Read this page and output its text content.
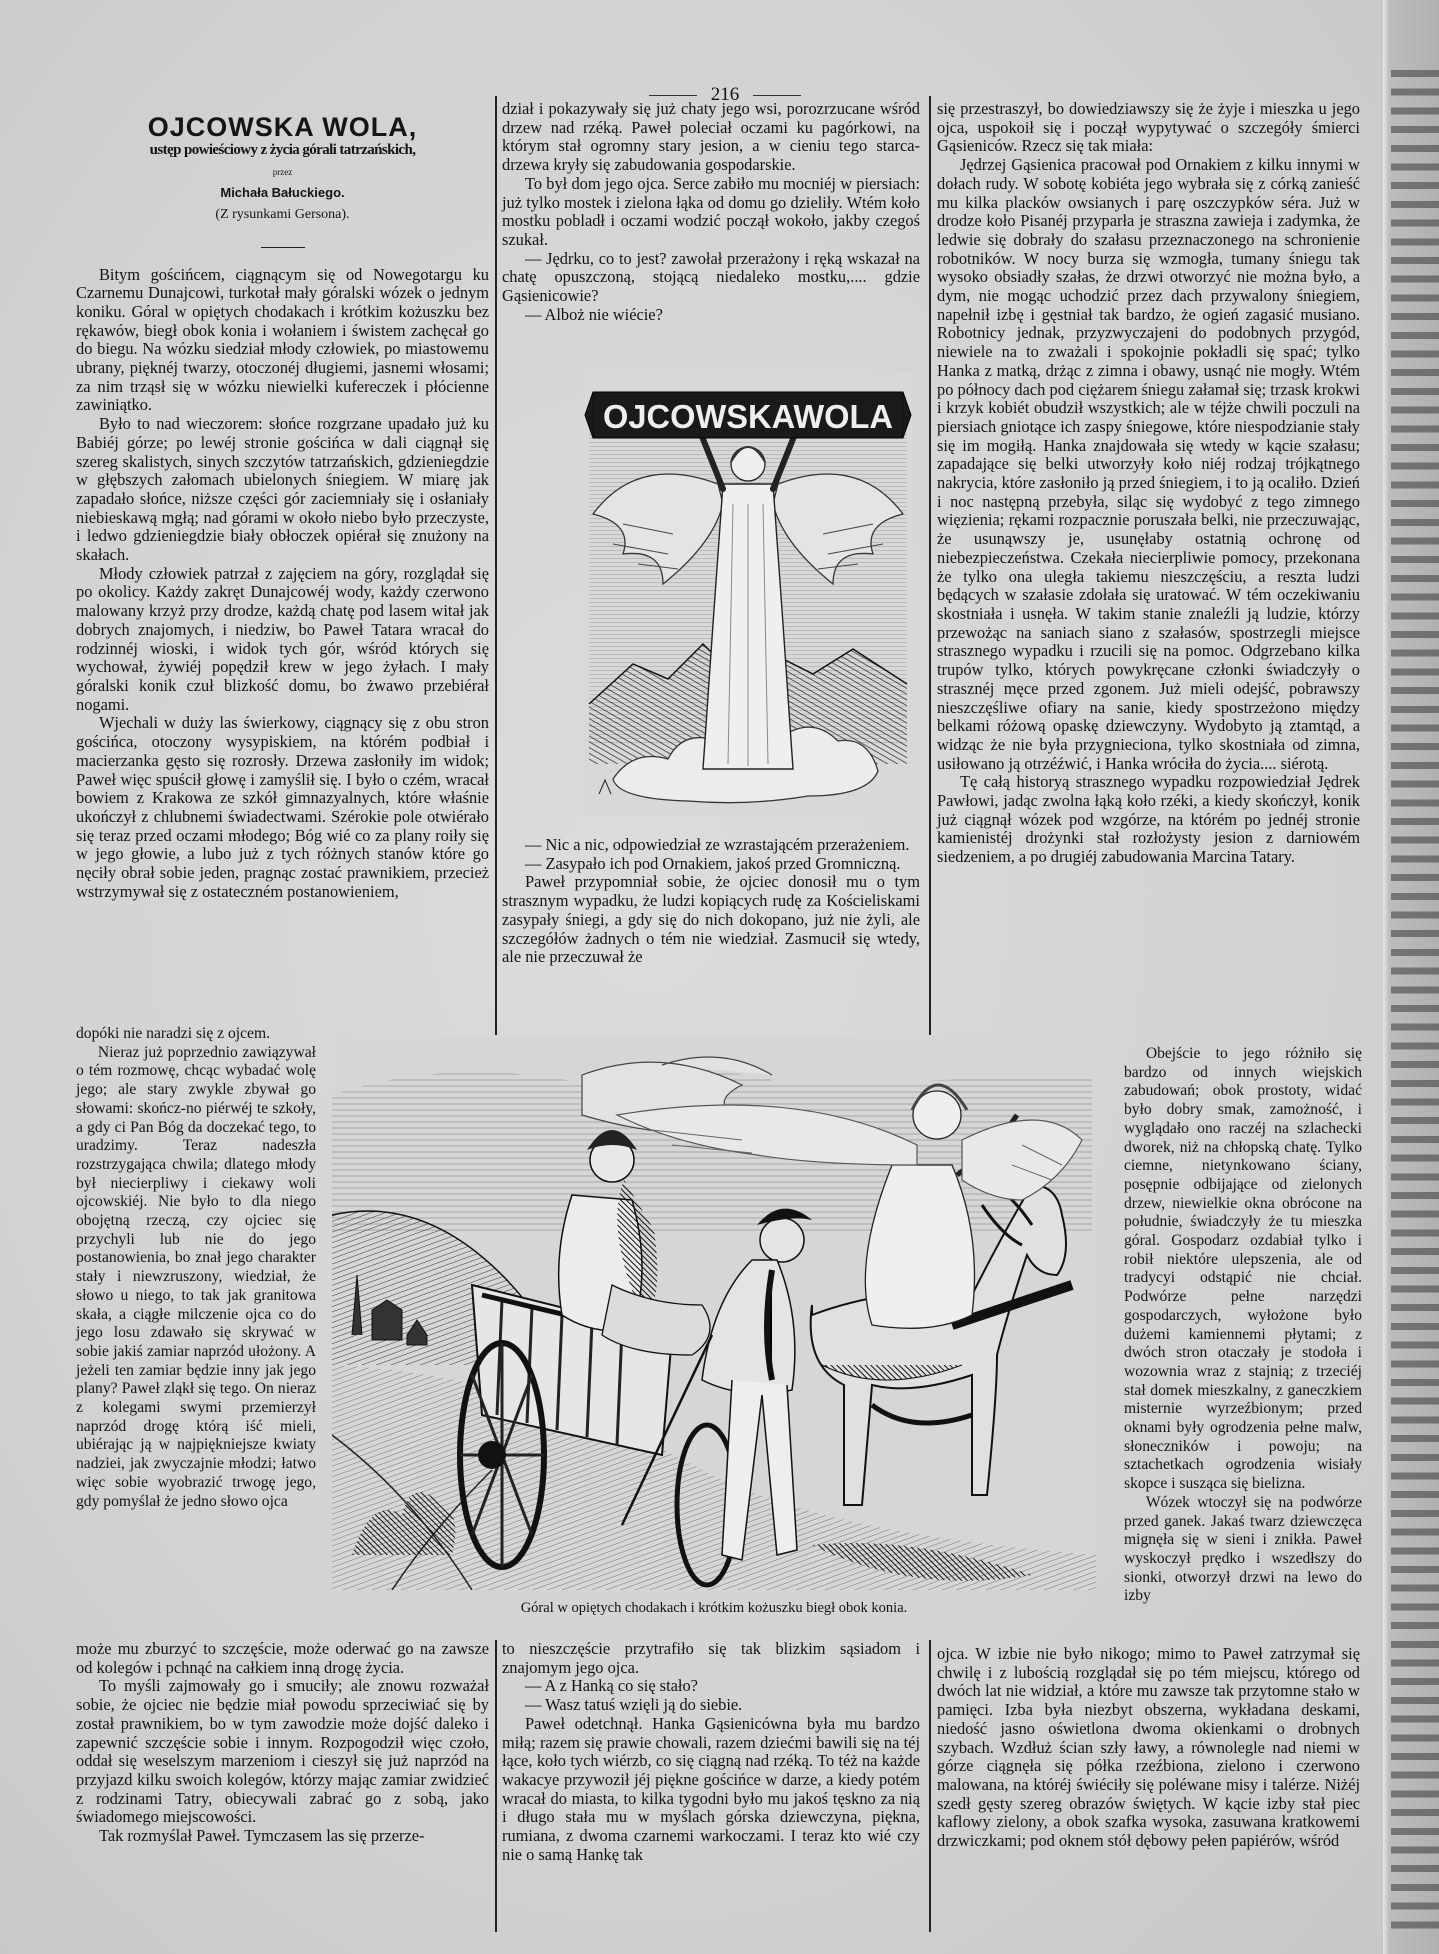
216
OJCOWSKA WOLA,
ustęp powieściowy z życia górali tatrzańskich,
przez
Michała Bałuckiego.
(Z rysunkami Gersona).

Bitym gościńcem, ciągnącym się od Nowegotargu ku Czarnemu Dunajcowi, turkotał mały góralski wózek o jednym koniku. Góral w opiętych chodakach i krótkim kożuszku bez rękawów, biegł obok konia i wołaniem i świstem zachęcał go do biegu. Na wózku siedział młody człowiek, po miastowemu ubrany, pięknéj twarzy, otoczonéj długiemi, jasnemi włosami; za nim trząsł się w wózku niewielki kufereczek i płócienne zawiniątko.

Było to nad wieczorem: słońce rozgrzane upadało już ku Babiéj górze; po lewéj stronie gościńca w dali ciągnął się szereg skalistych, sinych szczytów tatrzańskich, gdzieniegdzie w głębszych załomach ubielonych śniegiem. W miarę jak zapadało słońce, niższe części gór zaciemniały się i osłaniały niebieskawą mgłą; nad górami w około niebo było przeczyste, i ledwo gdzieniegdzie biały obłoczek opiérał się znużony na skałach.

Młody człowiek patrzał z zajęciem na góry, rozglądał się po okolicy. Każdy zakręt Dunajcowéj wody, każdy czerwono malowany krzyż przy drodze, każdą chatę pod lasem witał jak dobrych znajomych, i niedziw, bo Paweł Tatara wracał do rodzinnéj wioski, i widok tych gór, wśród których się wychował, żywiéj popędził krew w jego żyłach. I mały góralski konik czuł blizkość domu, bo żwawo przebiérał nogami.

Wjechali w duży las świerkowy, ciągnący się z obu stron gościńca, otoczony wysypiskiem, na którém podbiał i macierzanka gęsto się rozrosły. Drzewa zasłoniły im widok; Paweł więc spuścił głowę i zamyślił się. I było o czém, wracał bowiem z Krakowa ze szkół gimnazyalnych, które właśnie ukończył z chlubnemi świadectwami. Szérokie pole otwiérało się teraz przed oczami młodego; Bóg wié co za plany roiły się w jego głowie, a lubo już z tych różnych stanów które go nęciły obrał sobie jeden, pragnąc zostać prawnikiem, przecież wstrzymywał się z ostateczném postanowieniem,

dopóki nie naradzi się z ojcem.

Nieraz już poprzednio zawiązywał o tém rozmowę, chcąc wybadać wolę jego; ale stary zwykle zbywał go słowami: skończ-no piérwéj te szkoły, a gdy ci Pan Bóg da doczekać tego, to uradzimy. Teraz nadeszła rozstrzygająca chwila; dlatego młody był niecierpliwy i ciekawy woli ojcowskiéj. Nie było to dla niego obojętną rzeczą, czy ojciec się przychyli lub nie do jego postanowienia, bo znał jego charakter stały i niewzruszony, wiedział, że słowo u niego, to tak jak granitowa skała, a ciągłe milczenie ojca co do jego losu zdawało się skrywać w sobie jakiś zamiar naprzód ułożony. A jeżeli ten zamiar będzie inny jak jego plany? Paweł zląkł się tego. On nieraz z kolegami swymi przemierzył naprzód drogę którą iść mieli, ubiérając ją w najpiękniejsze kwiaty nadziei, jak zwyczajnie młodzi; łatwo więc sobie wyobrazić trwogę jego, gdy pomyślał że jedno słowo ojca

może mu zburzyć to szczęście, może oderwać go na zawsze od kolegów i pchnąć na całkiem inną drogę życia.

To myśli zajmowały go i smuciły; ale znowu rozważał sobie, że ojciec nie będzie miał powodu sprzeciwiać się by został prawnikiem, bo w tym zawodzie może dojść daleko i zapewnić szczęście sobie i innym. Rozpogodził więc czoło, oddał się weselszym marzeniom i cieszył się już naprzód na przyjazd kilku swoich kolegów, którzy mając zamiar zwidzieć z rodzinami Tatry, obiecywali zabrać go z sobą, jako świadomego miejscowości.

Tak rozmyślał Paweł. Tymczasem las się przerze-

dział i pokazywały się już chaty jego wsi, porozrzucane wśród drzew nad rzéką. Paweł poleciał oczami ku pagórkowi, na którym stał ogromny stary jesion, a w cieniu tego starca-drzewa kryły się zabudowania gospodarskie.

To był dom jego ojca. Serce zabiło mu mocniéj w piersiach: już tylko mostek i zielona łąka od domu go dzieliły. Wtém koło mostku pobladł i oczami wodzić począł wokoło, jakby czegoś szukał.

— Jędrku, co to jest? zawołał przerażony i ręką wskazał na chatę opuszczoną, stojącą niedaleko mostku,.... gdzie Gąsienicowie?

— Alboż nie wiécie?

OJCOWSKAWOLA

— Nic a nic, odpowiedział ze wzrastającém przerażeniem.

— Zasypało ich pod Ornakiem, jakoś przed Gromniczną.

Paweł przypomniał sobie, że ojciec donosił mu o tym strasznym wypadku, że ludzi kopiących rudę za Kościeliskami zasypały śniegi, a gdy się do nich dokopano, już nie żyli, ale szczegółów żadnych o tém nie wiedział. Zasmucił się wtedy, ale nie przeczuwał że

Góral w opiętych chodakach i krótkim kożuszku biegł obok konia.

to nieszczęście przytrafiło się tak blizkim sąsiadom i znajomym jego ojca.

— A z Hanką co się stało?

— Wasz tatuś wzięli ją do siebie.

Paweł odetchnął. Hanka Gąsienicówna była mu bardzo miłą; razem się prawie chowali, razem dziećmi bawili się na téj łące, koło tych wiérzb, co się ciągną nad rzéką. To téż na każde wakacye przywoził jéj piękne gościńce w darze, a kiedy potém wracał do miasta, to kilka tygodni było mu jakoś tęskno za nią i długo stała mu w myślach górska dziewczyna, piękna, rumiana, z dwoma czarnemi warkoczami. I teraz kto wié czy nie o samą Hankę tak

się przestraszył, bo dowiedziawszy się że żyje i mieszka u jego ojca, uspokoił się i począł wypytywać o szczegóły śmierci Gąsieniców. Rzecz się tak miała:

Jędrzej Gąsienica pracował pod Ornakiem z kilku innymi w dołach rudy. W sobotę kobiéta jego wybrała się z córką zanieść mu kilka placków owsianych i parę oszczypków séra. Już w drodze koło Pisanéj przyparła je straszna zawieja i zadymka, że ledwie się dobrały do szałasu przeznaczonego na schronienie robotników. W nocy burza się wzmogła, tumany śniegu tak wysoko obsiadły szałas, że drzwi otworzyć nie można było, a dym, nie mogąc uchodzić przez dach przywalony śniegiem, napełnił izbę i gęstniał tak bardzo, że ogień zagasić musiano. Robotnicy jednak, przyzwyczajeni do podobnych przygód, niewiele na to zważali i spokojnie pokładli się spać; tylko Hanka z matką, drżąc z zimna i obawy, usnąć nie mogły. Wtém po północy dach pod ciężarem śniegu załamał się; trzask krokwi i krzyk kobiét obudził wszystkich; ale w téjże chwili poczuli na piersiach gniotące ich zaspy śniegowe, które niespodzianie stały się im mogiłą. Hanka znajdowała się wtedy w kącie szałasu; zapadające się belki utworzyły koło niéj rodzaj trójkątnego nakrycia, które zasłoniło ją przed śniegiem, i to ją ocaliło. Dzień i noc następną przebyła, siląc się wydobyć z tego zimnego więzienia; rękami rozpacznie poruszała belki, nie przeczuwając, że usunąwszy je, usunęłaby ostatnią ochronę od niebezpieczeństwa. Czekała niecierpliwie pomocy, przekonana że tylko ona uległa takiemu nieszczęściu, a reszta ludzi będących w szałasie zdołała się uratować. W tém oczekiwaniu skostniała i usnęła. W takim stanie znaleźli ją ludzie, którzy przewożąc na saniach siano z szałasów, spostrzegli miejsce strasznego wypadku i rzucili się na pomoc. Odgrzebano kilka trupów tylko, których powykręcane członki świadczyły o strasznéj męce przed zgonem. Już mieli odejść, pobrawszy nieszczęśliwe ofiary na sanie, kiedy spostrzeżono między belkami różową opaskę dziewczyny. Wydobyto ją ztamtąd, a widząc że nie była przygnieciona, tylko skostniała od zimna, usiłowano ją otrzéźwić, i Hanka wróciła do życia.... siérotą.

Tę całą historyą strasznego wypadku rozpowiedział Jędrek Pawłowi, jadąc zwolna łąką koło rzéki, a kiedy skończył, konik już ciągnął wózek pod wzgórze, na którém po jednéj stronie kamienistéj drożynki stał rozłożysty jesion z darniowém siedzeniem, a po drugiéj zabudowania Marcina Tatary.

Obejście to jego różniło się bardzo od innych wiejskich zabudowań; obok prostoty, widać było dobry smak, zamożność, i wyglądało ono raczéj na szlachecki dworek, niż na chłopską chatę. Tylko ciemne, nietynkowano ściany, posępnie odbijające od zielonych drzew, niewielkie okna obrócone na południe, świadczyły że tu mieszka góral. Gospodarz ozdabiał tylko i robił niektóre ulepszenia, ale od tradycyi odstąpić nie chciał. Podwórze pełne narzędzi gospodarczych, wyłożone było dużemi kamiennemi płytami; z dwóch stron otaczały je stodoła i wozownia wraz z stajnią; z trzeciéj stał domek mieszkalny, z ganeczkiem misternie wyrzeźbionym; przed oknami były ogrodzenia pełne malw, słoneczników i powoju; na sztachetkach ogrodzenia wisiały skopce i susząca się bielizna.

Wózek wtoczył się na podwórze przed ganek. Jakaś twarz dziewczęca mignęła się w sieni i znikła. Paweł wyskoczył prędko i wszedłszy do sionki, otworzył drzwi na lewo do izby

ojca. W izbie nie było nikogo; mimo to Paweł zatrzymał się chwilę i z lubością rozglądał się po tém miejscu, którego od dwóch lat nie widział, a które mu zawsze tak przytomne stało w pamięci. Izba była niezbyt obszerna, wykładana deskami, niedość jasno oświetlona dwoma okienkami o drobnych szybach. Wzdłuż ścian szły ławy, a równolegle nad niemi w górze ciągnęła się półka rzeźbiona, zielono i czerwono malowana, na któréj świéciły się poléwane misy i talérze. Niżéj szedł gęsty szereg obrazów świętych. W kącie izby stał piec kaflowy zielony, a obok szafka wysoka, zasuwana kratkowemi drzwiczkami; pod oknem stół dębowy pełen papiérów, wśród
